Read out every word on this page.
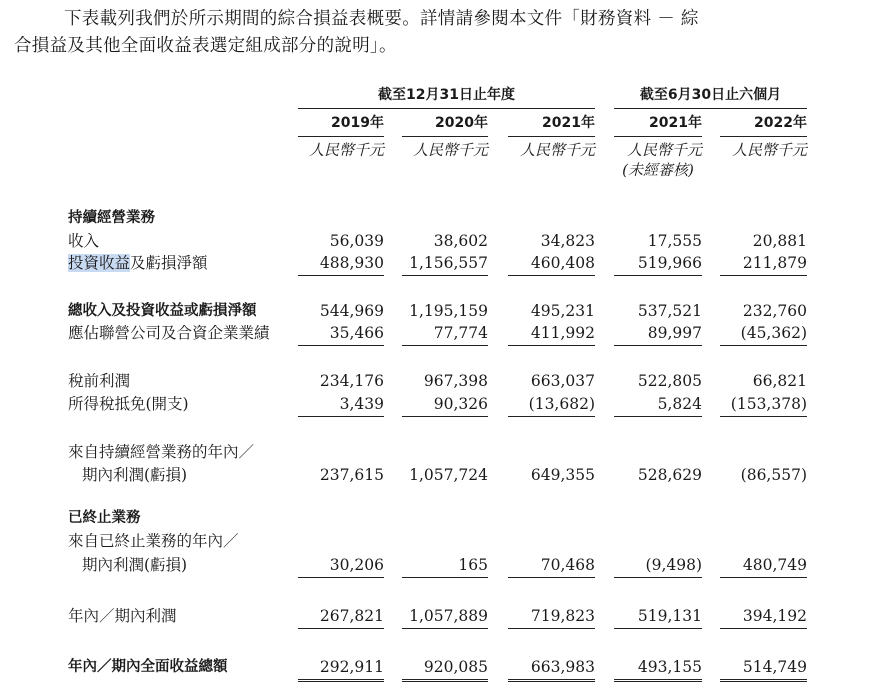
下表載列我們於所示期間的綜合損益表概要。詳情請參閱本文件「財務資料 － 綜
合損益及其他全面收益表選定組成部分的說明」。
截至12月31日止年度	截至6月30日止六個月
2019年	2020年	2021年	2021年	2022年
人民幣千元	人民幣千元	人民幣千元	人民幣千元	人民幣千元
(未經審核)
持續經營業務
收入	56,039	38,602	34,823	17,555	20,881
投資收益及虧損淨額	488,930	1,156,557	460,408	519,966	211,879
總收入及投資收益或虧損淨額	544,969	1,195,159	495,231	537,521	232,760
應佔聯營公司及合資企業業績	35,466	77,774	411,992	89,997	(45,362)
稅前利潤	234,176	967,398	663,037	522,805	66,821
所得稅抵免(開支)	3,439	90,326	(13,682)	5,824	(153,378)
來自持續經營業務的年內／
期內利潤(虧損)	237,615	1,057,724	649,355	528,629	(86,557)
已終止業務
來自已終止業務的年內／
期內利潤(虧損)	30,206	165	70,468	(9,498)	480,749
年內／期內利潤	267,821	1,057,889	719,823	519,131	394,192
年內／期內全面收益總額	292,911	920,085	663,983	493,155	514,749
